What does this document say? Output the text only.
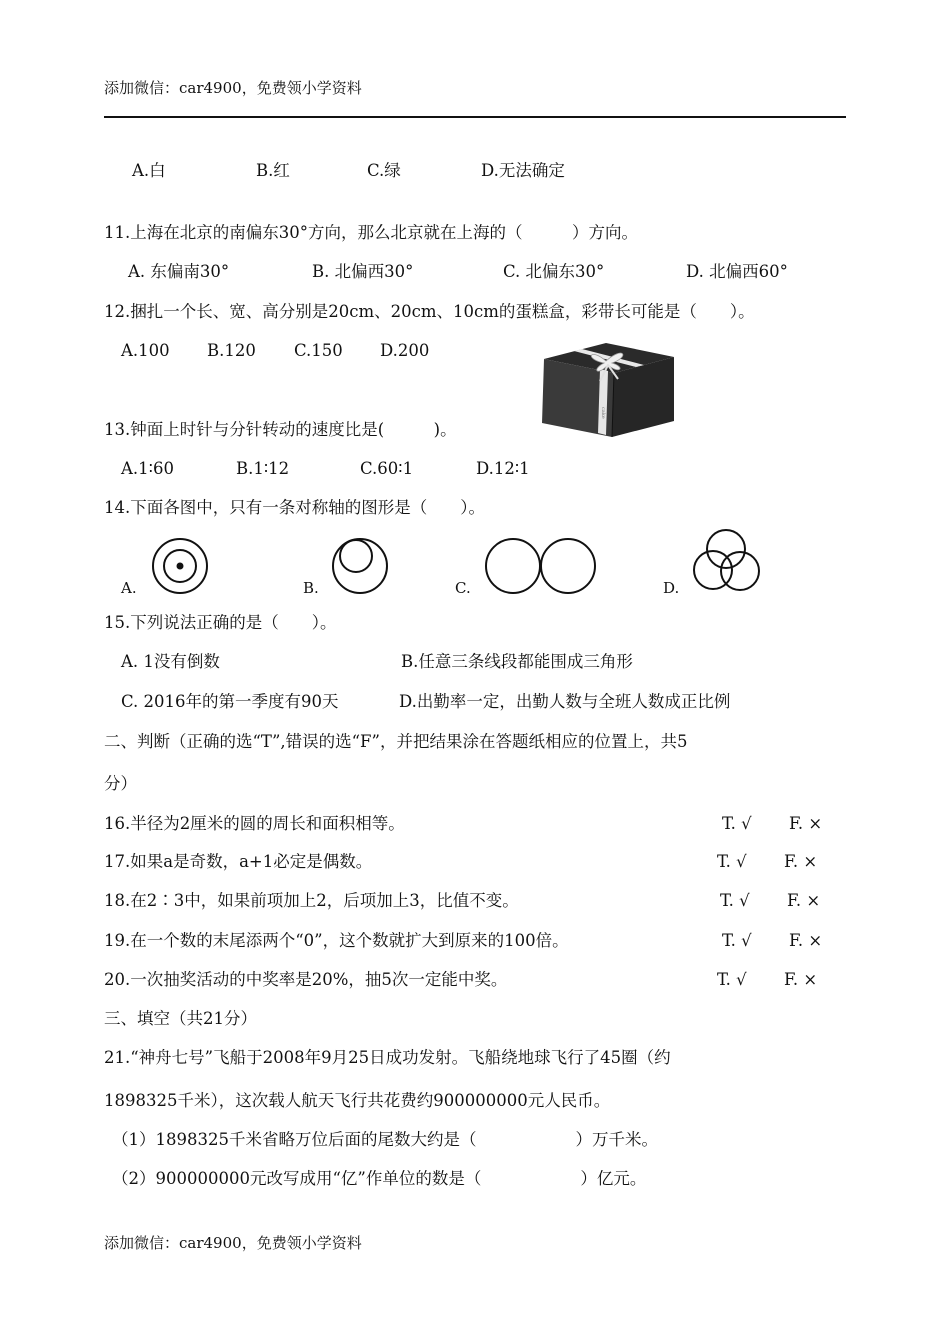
添加微信：car4900，免费领小学资料
A.白	B.红	C.绿	D.无法确定
11.上海在北京的南偏东30°方向，那么北京就在上海的（　　　）方向。
A. 东偏南30°	B. 北偏西30°	C. 北偏东30°	D. 北偏西60°
12.捆扎一个长、宽、高分别是20cm、20cm、10cm的蛋糕盒，彩带长可能是（　　）。
A.100 B.120 C.150 D.200
cake
13.钟面上时针与分针转动的速度比是(　　　)。
A.1∶60	B.1∶12	C.60∶1	D.12∶1
14.下面各图中，只有一条对称轴的图形是（　　）。
A.	B.	C.	D.
15.下列说法正确的是（　　）。
A. 1没有倒数	B.任意三条线段都能围成三角形
C. 2016年的第一季度有90天	D.出勤率一定，出勤人数与全班人数成正比例
二、判断（正确的选“T”,错误的选“F”，并把结果涂在答题纸相应的位置上，共5
分）
16.半径为2厘米的圆的周长和面积相等。	T. √ F. ×
17.如果a是奇数，a+1必定是偶数。	T. √ F. ×
18.在2∶3中，如果前项加上2，后项加上3，比值不变。	T. √ F. ×
19.在一个数的末尾添两个“0”，这个数就扩大到原来的100倍。	T. √ F. ×
20.一次抽奖活动的中奖率是20%，抽5次一定能中奖。	T. √ F. ×
三、填空（共21分）
21.“神舟七号”飞船于2008年9月25日成功发射。飞船绕地球飞行了45圈（约
1898325千米），这次载人航天飞行共花费约900000000元人民币。
（1）1898325千米省略万位后面的尾数大约是（　　　　　　）万千米。
（2）900000000元改写成用“亿”作单位的数是（　　　　　　）亿元。
添加微信：car4900，免费领小学资料
